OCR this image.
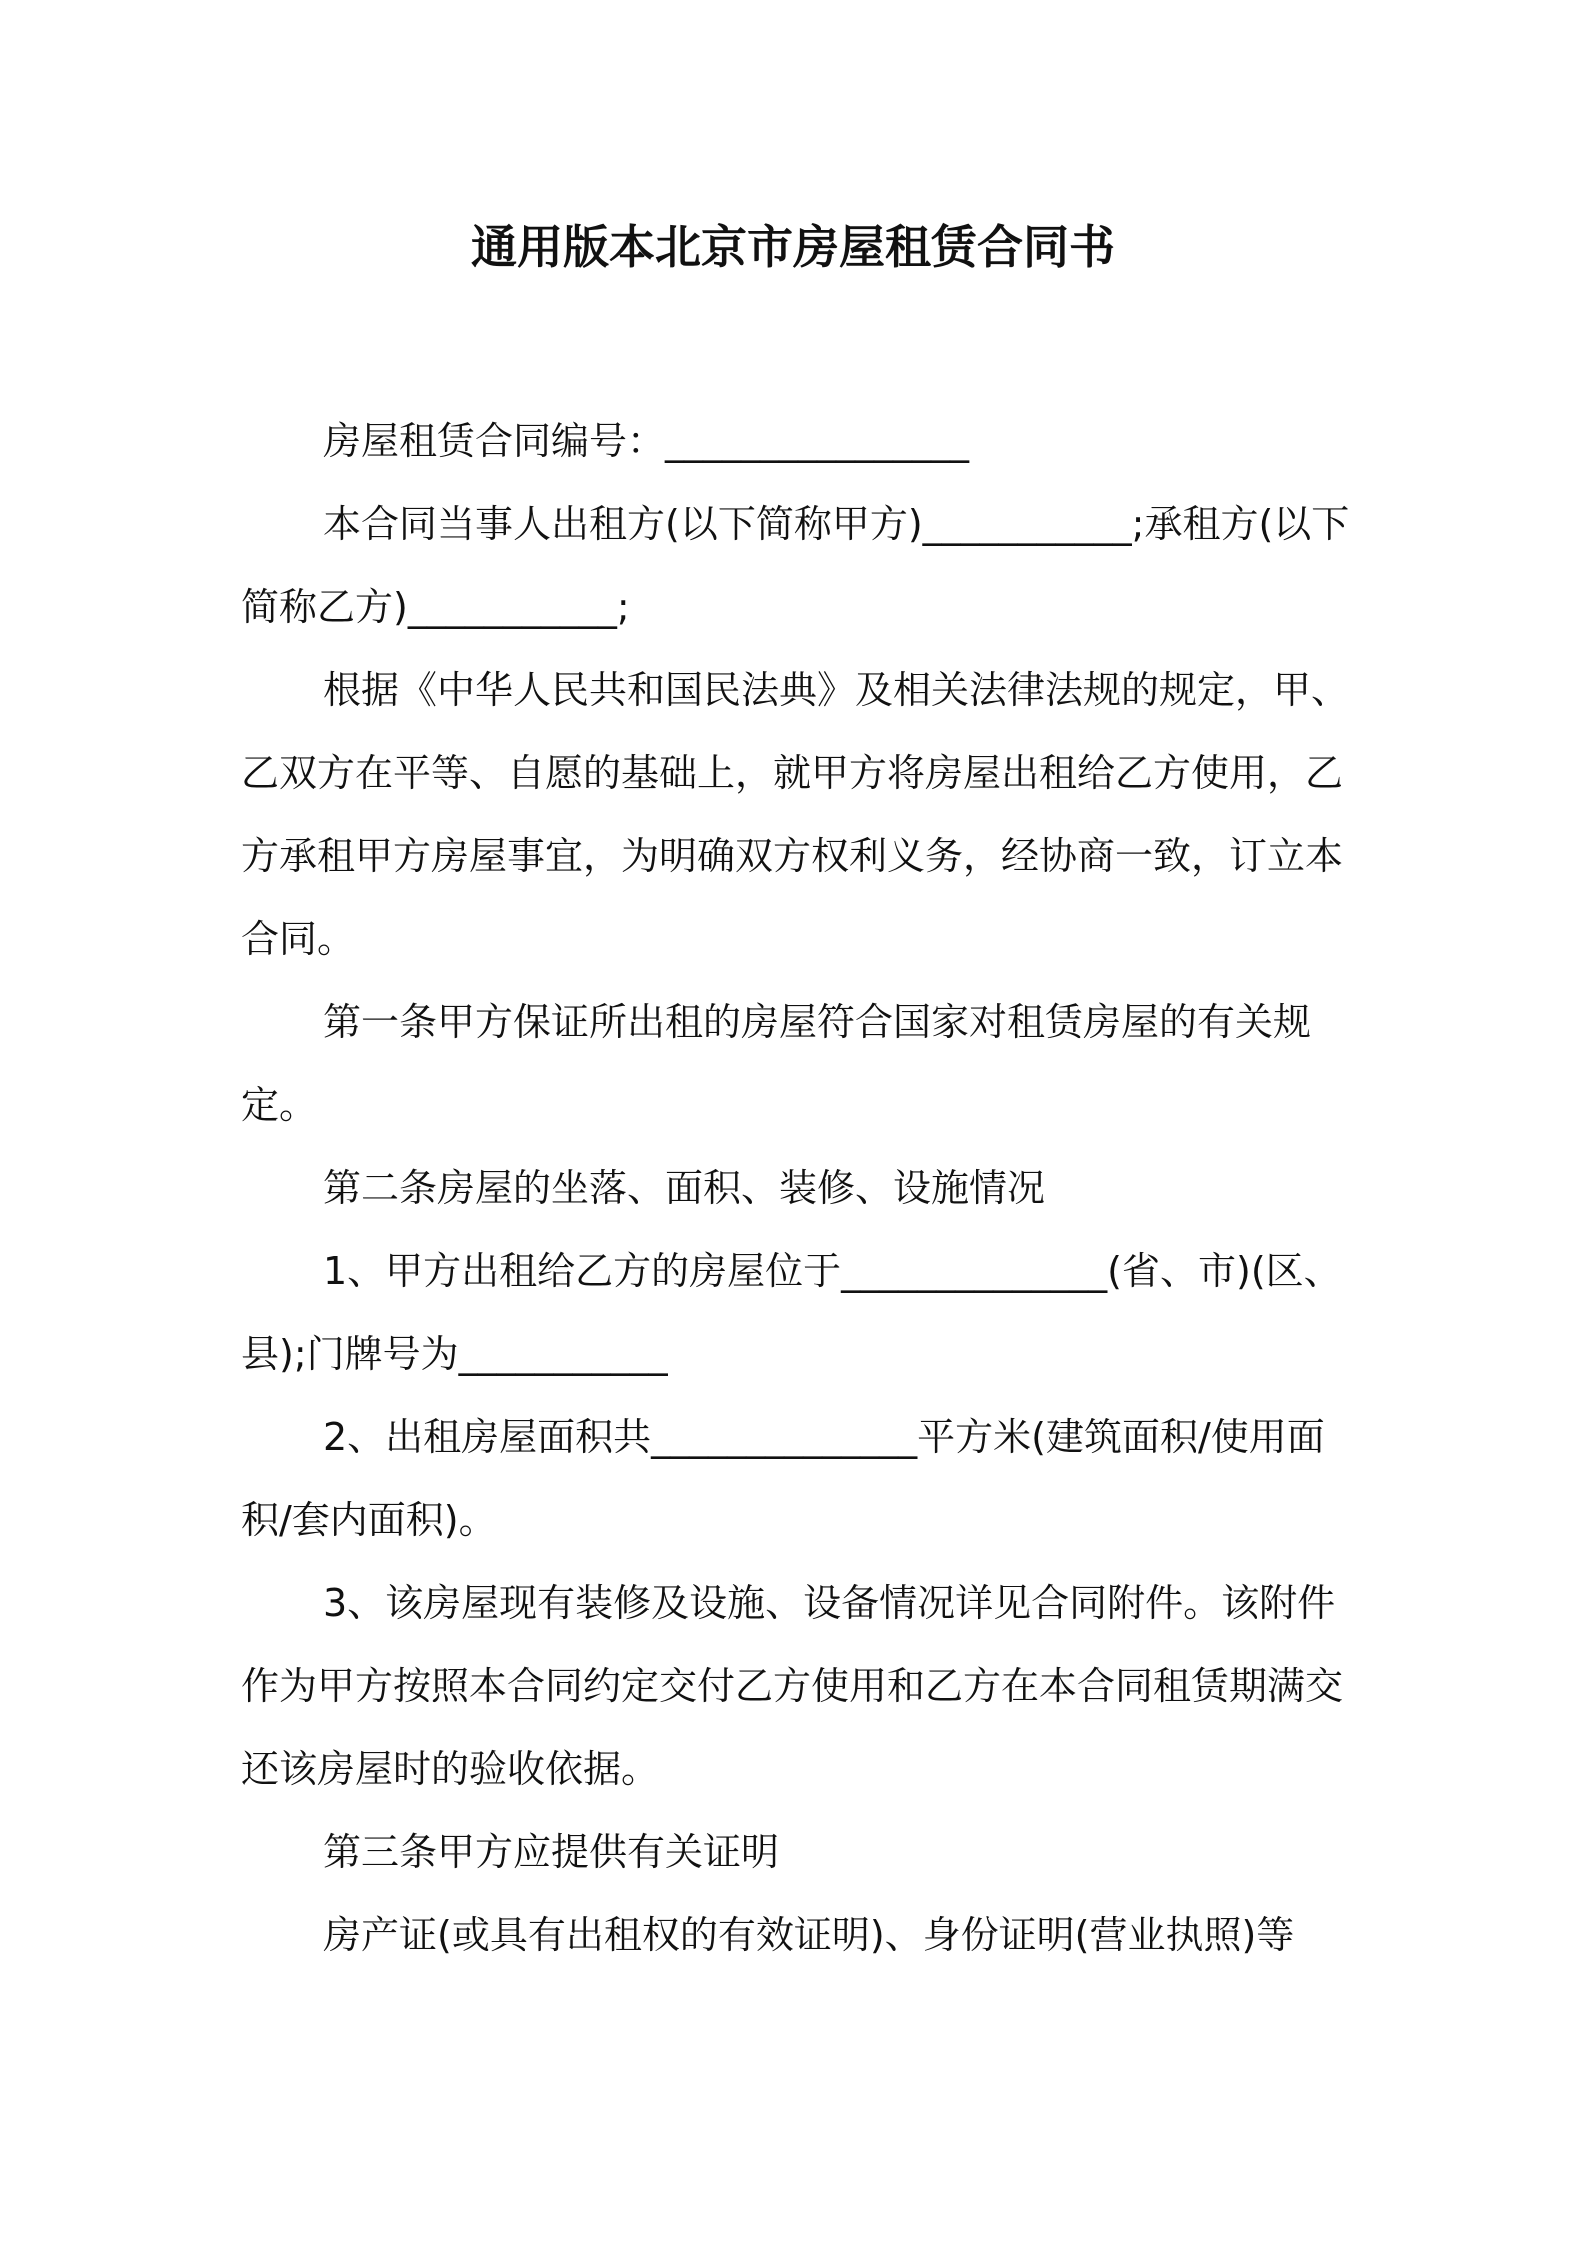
通用版本北京市房屋租赁合同书

房屋租赁合同编号：________________

本合同当事人出租方(以下简称甲方)___________;承租方(以下简称乙方)___________;

根据《中华人民共和国民法典》及相关法律法规的规定，甲、乙双方在平等、自愿的基础上，就甲方将房屋出租给乙方使用，乙方承租甲方房屋事宜，为明确双方权利义务，经协商一致，订立本合同。

第一条甲方保证所出租的房屋符合国家对租赁房屋的有关规定。

第二条房屋的坐落、面积、装修、设施情况

1、甲方出租给乙方的房屋位于______________(省、市)(区、县);门牌号为___________

2、出租房屋面积共______________平方米(建筑面积/使用面积/套内面积)。

3、该房屋现有装修及设施、设备情况详见合同附件。该附件作为甲方按照本合同约定交付乙方使用和乙方在本合同租赁期满交还该房屋时的验收依据。

第三条甲方应提供有关证明

房产证(或具有出租权的有效证明)、身份证明(营业执照)等
